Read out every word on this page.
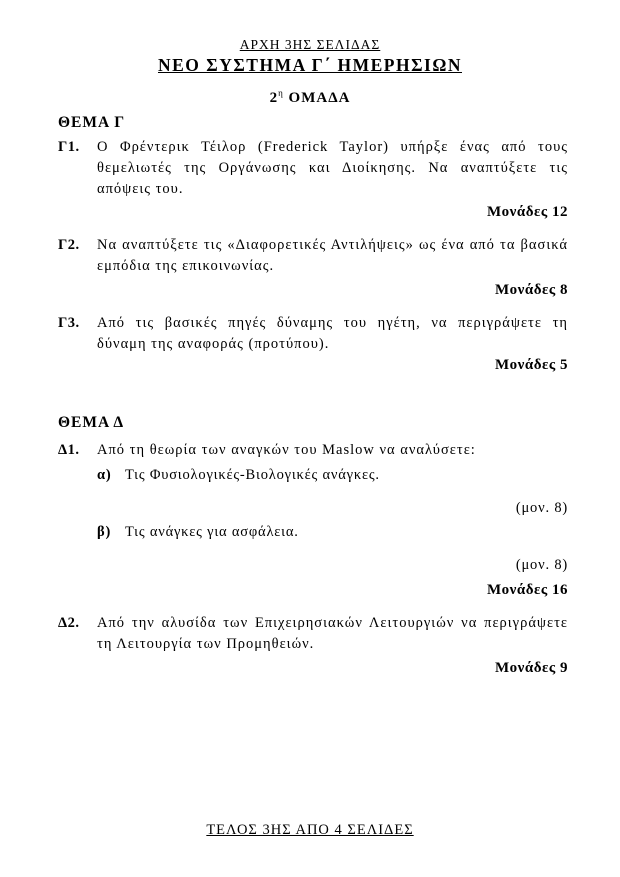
ΑΡΧΗ 3ΗΣ ΣΕΛΙΔΑΣ
ΝΕΟ ΣΥΣΤΗΜΑ Γ΄ ΗΜΕΡΗΣΙΩΝ
$2^\eta$ ΟΜΑΔΑ
ΘΕΜΑ Γ
Γ1. Ο Φρέντερικ Τέιλορ (Frederick Taylor) υπήρξε ένας από τους θεμελιωτές της Οργάνωσης και Διοίκησης. Να αναπτύξετε τις απόψεις του.
Μονάδες 12
Γ2. Να αναπτύξετε τις «Διαφορετικές Αντιλήψεις» ως ένα από τα βασικά εμπόδια της επικοινωνίας.
Μονάδες 8
Γ3. Από τις βασικές πηγές δύναμης του ηγέτη, να περιγράψετε τη δύναμη της αναφοράς (προτύπου).
Μονάδες 5
ΘΕΜΑ Δ
Δ1. Από τη θεωρία των αναγκών του Maslow να αναλύσετε:
α) Τις Φυσιολογικές-Βιολογικές ανάγκες.
(μον. 8)
β) Τις ανάγκες για ασφάλεια.
(μον. 8)
Μονάδες 16
Δ2. Από την αλυσίδα των Επιχειρησιακών Λειτουργιών να περιγράψετε τη Λειτουργία των Προμηθειών.
Μονάδες 9
ΤΕΛΟΣ 3ΗΣ ΑΠΟ 4 ΣΕΛΙΔΕΣ
